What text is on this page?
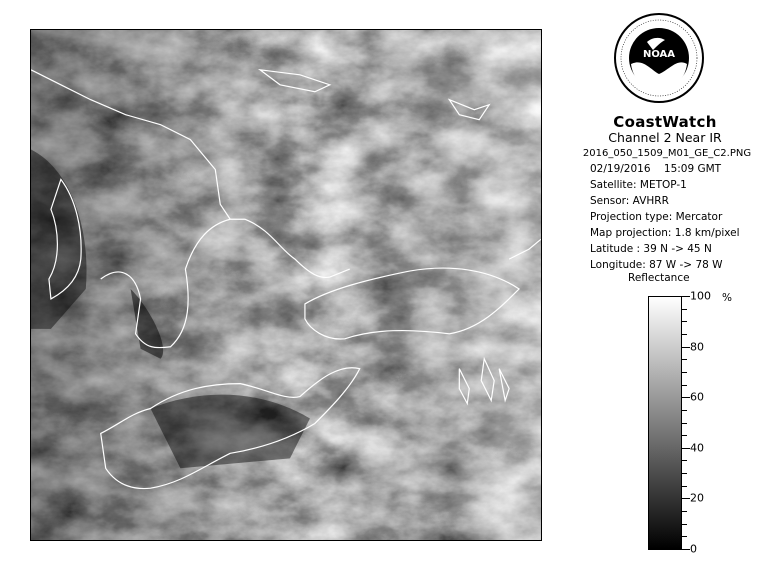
NOAA
CoastWatch
Channel 2 Near IR
2016_050_1509_M01_GE_C2.PNG
02/19/2016 15:09 GMT
Satellite: METOP-1
Sensor: AVHRR
Projection type: Mercator
Map projection: 1.8 km/pixel
Latitude : 39 N -> 45 N
Longitude: 87 W -> 78 W
Reflectance
%
100
80
60
40
20
0
